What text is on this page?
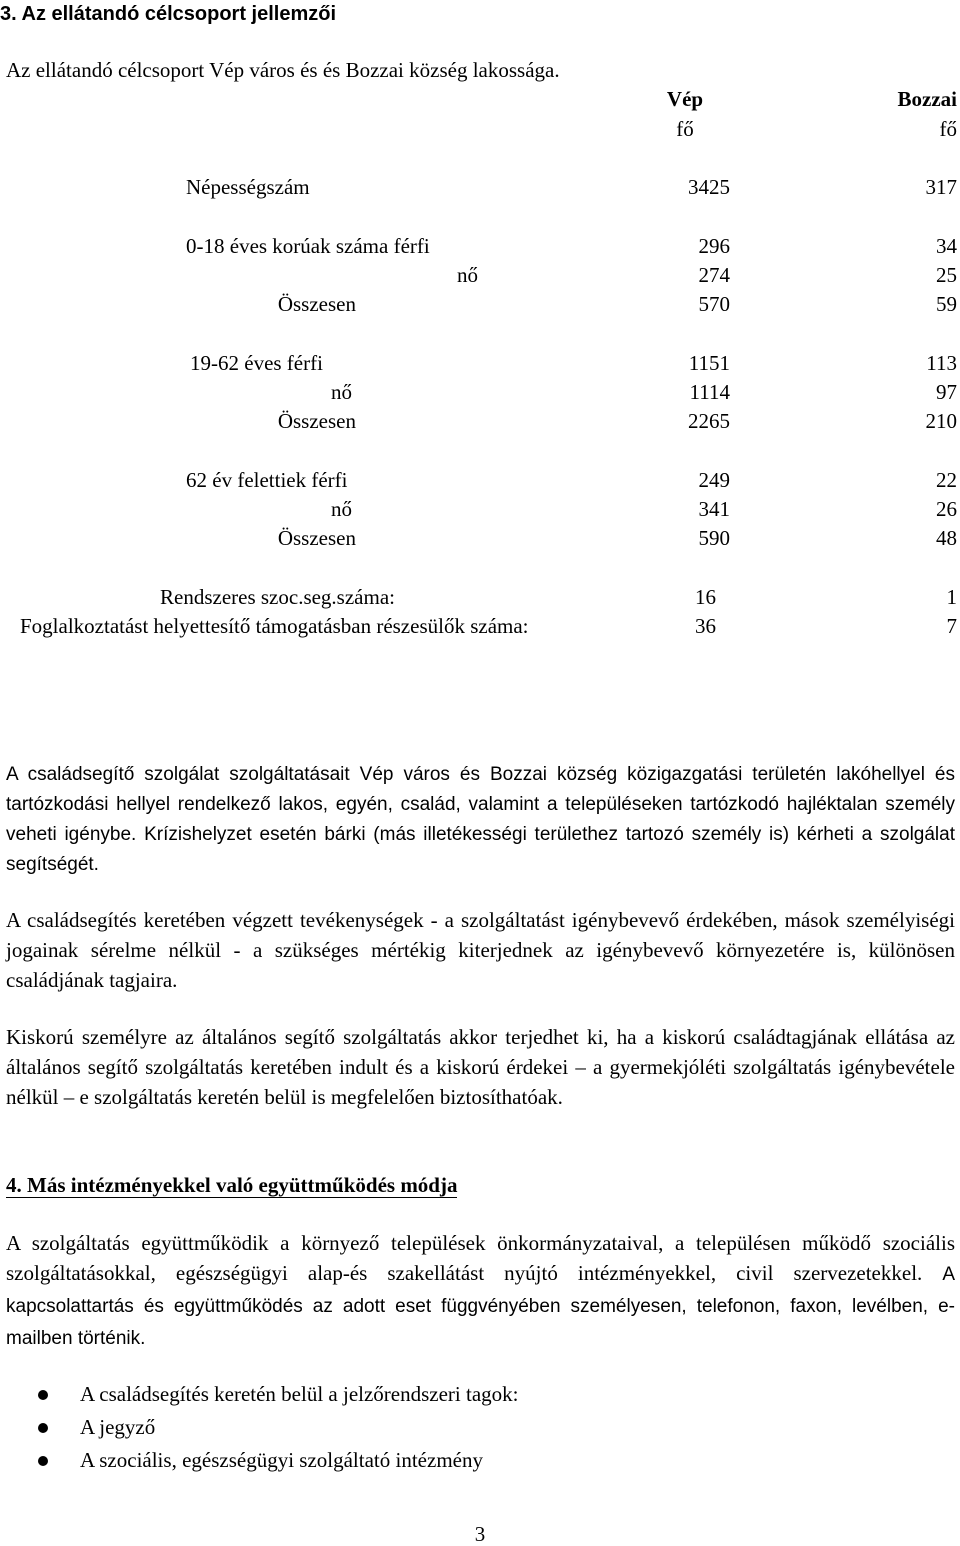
3. Az ellátandó célcsoport jellemzői
Az ellátandó célcsoport Vép város és és Bozzai község lakossága.
Vép	Bozzai
fő	fő
Népességszám	3425	317
0-18 éves korúak száma férfi	296	34
nő	274	25
Összesen	570	59
19-62 éves férfi	1151	113
nő	1114	97
Összesen	2265	210
62 év felettiek férfi	249	22
nő	341	26
Összesen	590	48
Rendszeres szoc.seg.száma:	16	1
Foglalkoztatást helyettesítő támogatásban részesülők száma:	36	7

A családsegítő szolgálat szolgáltatásait Vép város és Bozzai község közigazgatási területén lakóhellyel és tartózkodási hellyel rendelkező lakos, egyén, család, valamint a településeken tartózkodó hajléktalan személy veheti igénybe. Krízishelyzet esetén bárki (más illetékességi területhez tartozó személy is) kérheti a szolgálat segítségét.

A családsegítés keretében végzett tevékenységek - a szolgáltatást igénybevevő érdekében, mások személyiségi jogainak sérelme nélkül - a szükséges mértékig kiterjednek az igénybevevő környezetére is, különösen családjának tagjaira.

Kiskorú személyre az általános segítő szolgáltatás akkor terjedhet ki, ha a kiskorú családtagjának ellátása az általános segítő szolgáltatás keretében indult és a kiskorú érdekei – a gyermekjóléti szolgáltatás igénybevétele nélkül – e szolgáltatás keretén belül is megfelelően biztosíthatóak.

4. Más intézményekkel való együttműködés módja

A szolgáltatás együttműködik a környező települések önkormányzataival, a településen működő szociális szolgáltatásokkal, egészségügyi alap-és szakellátást nyújtó intézményekkel, civil szervezetekkel. A kapcsolattartás és együttműködés az adott eset függvényében személyesen, telefonon, faxon, levélben, e-mailben történik.

A családsegítés keretén belül a jelzőrendszeri tagok:
A jegyző
A szociális, egészségügyi szolgáltató intézmény
3
